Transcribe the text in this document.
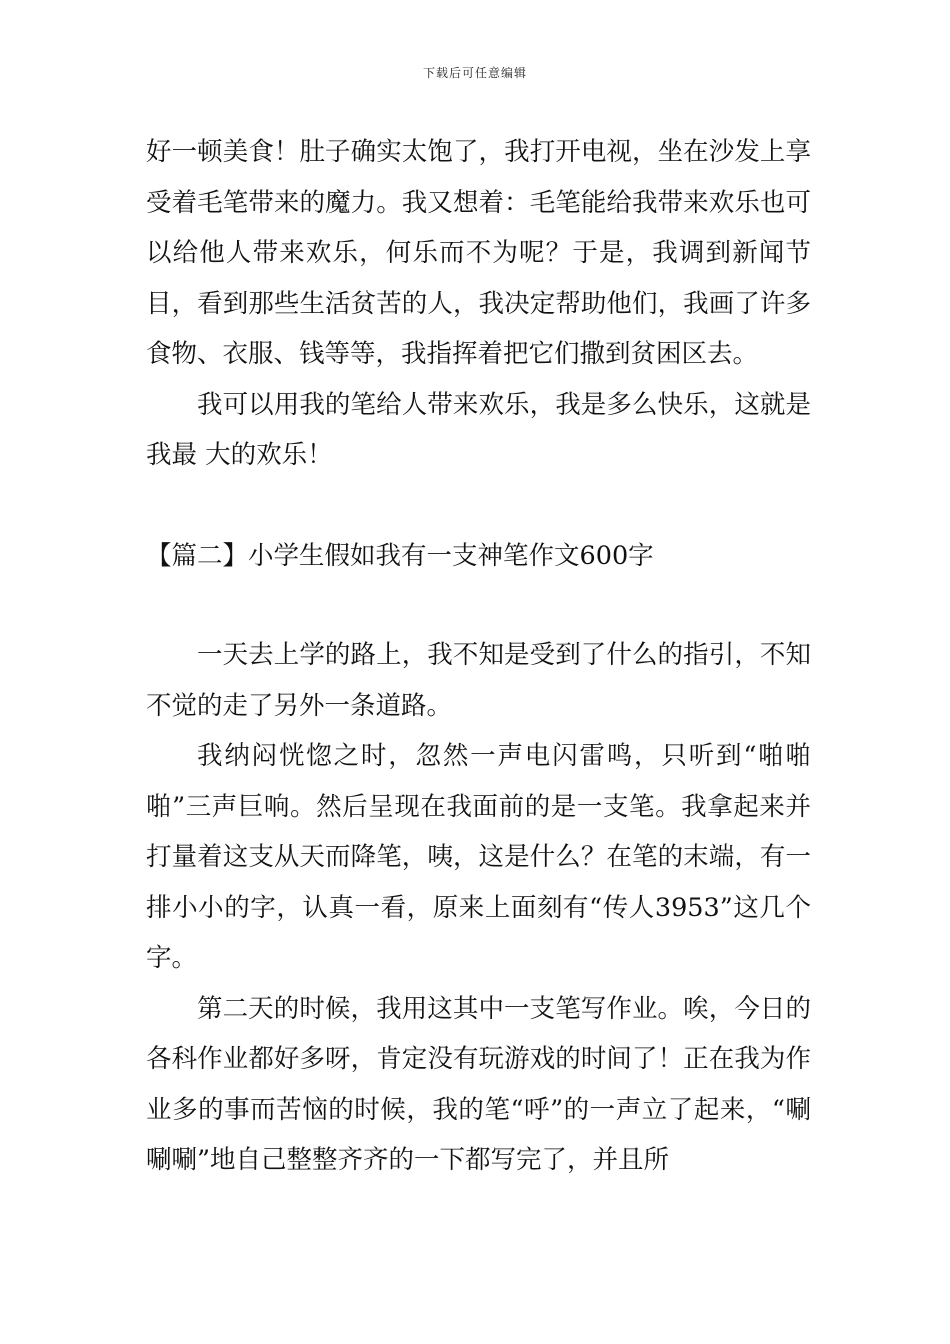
下载后可任意编辑

好一顿美食！肚子确实太饱了，我打开电视，坐在沙发上享受着毛笔带来的魔力。我又想着：毛笔能给我带来欢乐也可以给他人带来欢乐，何乐而不为呢？于是，我调到新闻节目，看到那些生活贫苦的人，我决定帮助他们，我画了许多食物、衣服、钱等等，我指挥着把它们撒到贫困区去。

我可以用我的笔给人带来欢乐，我是多么快乐，这就是我最 大的欢乐！

【篇二】小学生假如我有一支神笔作文600字

一天去上学的路上，我不知是受到了什么的指引，不知不觉的走了另外一条道路。

我纳闷恍惚之时，忽然一声电闪雷鸣，只听到“啪啪啪”三声巨响。然后呈现在我面前的是一支笔。我拿起来并打量着这支从天而降笔，咦，这是什么？在笔的末端，有一排小小的字，认真一看，原来上面刻有“传人3953”这几个字。

第二天的时候，我用这其中一支笔写作业。唉，今日的各科作业都好多呀，肯定没有玩游戏的时间了！正在我为作业多的事而苦恼的时候，我的笔“呼”的一声立了起来，“唰唰唰”地自己整整齐齐的一下都写完了，并且所
